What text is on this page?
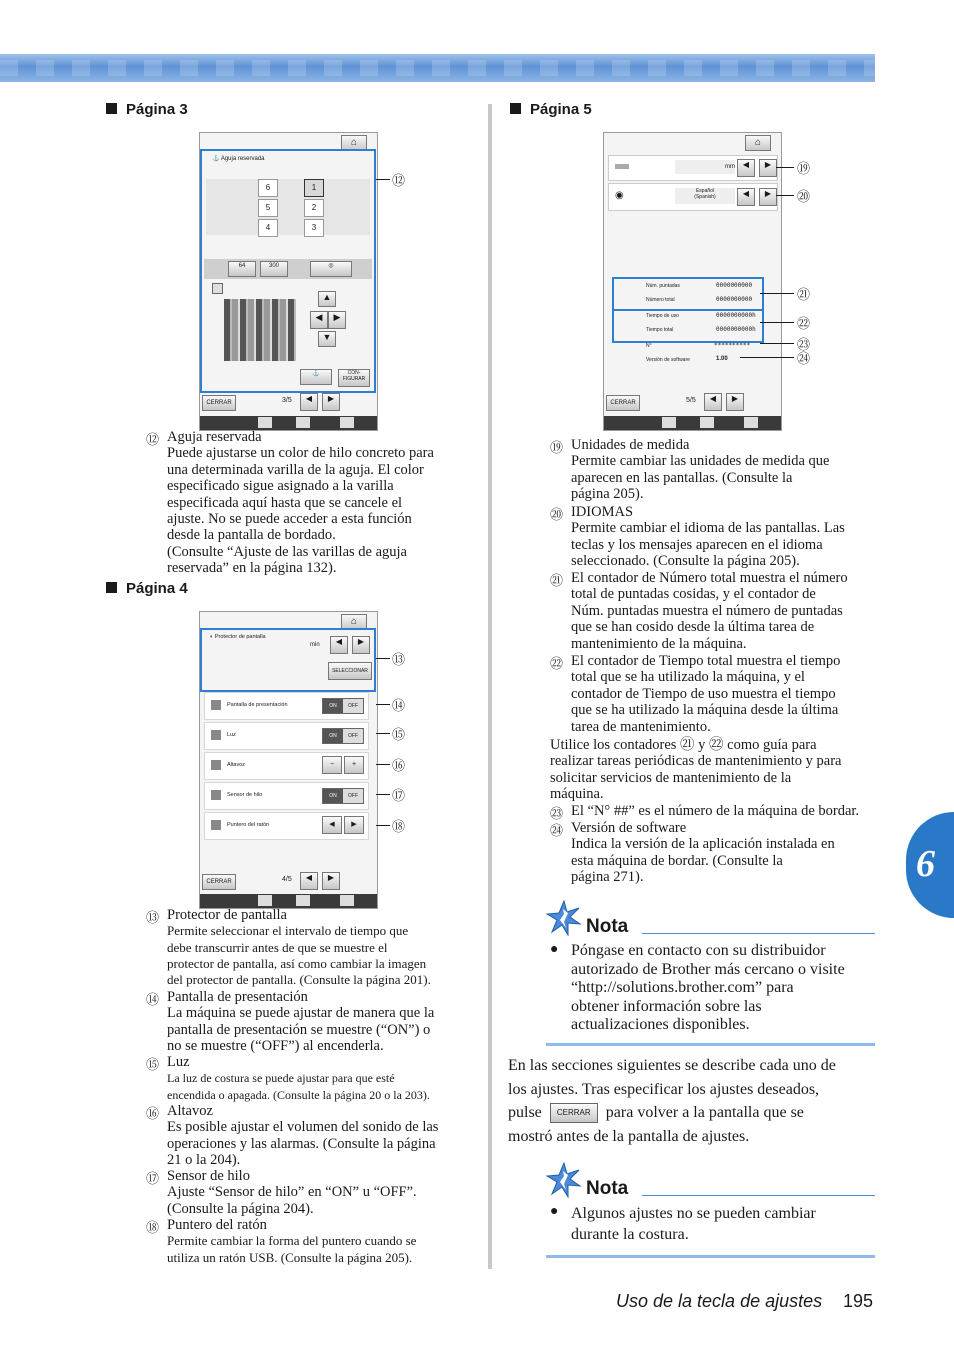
Página 3
⌂
⚓ Aguja reservada
6	1
5	2
4	3
64	300	◎
▲
◀	▶
▼
⚓	CON-
FIGURAR
CERRAR	3/5	◀	▶
⑫
⑫ Aguja reservada
Puede ajustarse un color de hilo concreto para
una determinada varilla de la aguja. El color
especificado sigue asignado a la varilla
especificada aquí hasta que se cancele el
ajuste. No se puede acceder a esta función
desde la pantalla de bordado.
(Consulte “Ajuste de las varillas de aguja
reservada” en la página 132).
Página 4
⌂
◐ Protector de pantalla
min	◀	▶
SELECCIONAR
Pantalla de presentación	ON	OFF
Luz	ON	OFF
Altavoz	−	+
Sensor de hilo	ON	OFF
Puntero del ratón	◀	▶
CERRAR	4/5	◀	▶
⑬
⑭
⑮
⑯
⑰
⑱
⑬ Protector de pantalla
Permite seleccionar el intervalo de tiempo que
debe transcurrir antes de que se muestre el
protector de pantalla, así como cambiar la imagen
del protector de pantalla. (Consulte la página 201).
⑭ Pantalla de presentación
La máquina se puede ajustar de manera que la
pantalla de presentación se muestre (“ON”) o
no se muestre (“OFF”) al encenderla.
⑮ Luz
La luz de costura se puede ajustar para que esté
encendida o apagada. (Consulte la página 20 o la 203).
⑯ Altavoz
Es posible ajustar el volumen del sonido de las
operaciones y las alarmas. (Consulte la página
21 o la 204).
⑰ Sensor de hilo
Ajuste “Sensor de hilo” en “ON” u “OFF”.
(Consulte la página 204).
⑱ Puntero del ratón
Permite cambiar la forma del puntero cuando se
utiliza un ratón USB. (Consulte la página 205).
Página 5
⌂
mm ◀	▶
◉	Español
(Spanish)	◀	▶
Núm. puntadas	0000000000
Número total	0000000000
Tiempo de uso	0000000000h
Tiempo total	0000000000h
N°	**********
Versión de software	1.00
CERRAR	5/5	◀	▶
⑲
⑳
㉑
㉒
㉓
㉔
⑲ Unidades de medida
Permite cambiar las unidades de medida que
aparecen en las pantallas. (Consulte la
página 205).
⑳ IDIOMAS
Permite cambiar el idioma de las pantallas. Las
teclas y los mensajes aparecen en el idioma
seleccionado. (Consulte la página 205).
㉑ El contador de Número total muestra el número
total de puntadas cosidas, y el contador de
Núm. puntadas muestra el número de puntadas
que se han cosido desde la última tarea de
mantenimiento de la máquina.
㉒ El contador de Tiempo total muestra el tiempo
total que se ha utilizado la máquina, y el
contador de Tiempo de uso muestra el tiempo
que se ha utilizado la máquina desde la última
tarea de mantenimiento.
Utilice los contadores ㉑ y ㉒ como guía para
realizar tareas periódicas de mantenimiento y para
solicitar servicios de mantenimiento de la
máquina.
㉓ El “N° ##” es el número de la máquina de bordar.
㉔ Versión de software
Indica la versión de la aplicación instalada en
esta máquina de bordar. (Consulte la
página 271).
Nota
● Póngase en contacto con su distribuidor
autorizado de Brother más cercano o visite
“http://solutions.brother.com” para
obtener información sobre las
actualizaciones disponibles.
En las secciones siguientes se describe cada uno de
los ajustes. Tras especificar los ajustes deseados,
pulse CERRAR para volver a la pantalla que se
mostró antes de la pantalla de ajustes.
Nota
● Algunos ajustes no se pueden cambiar
durante la costura.
6
Uso de la tecla de ajustes 195
